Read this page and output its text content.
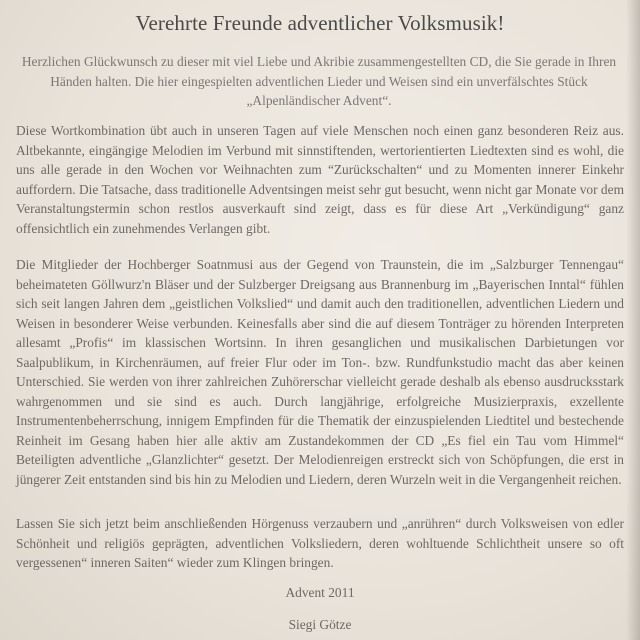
Verehrte Freunde adventlicher Volksmusik!
Herzlichen Glückwunsch zu dieser mit viel Liebe und Akribie zusammengestellten CD, die Sie gerade in Ihren Händen halten. Die hier eingespielten adventlichen Lieder und Weisen sind ein unverfälschtes Stück „Alpenländischer Advent“.
Diese Wortkombination übt auch in unseren Tagen auf viele Menschen noch einen ganz besonderen Reiz aus. Altbekannte, eingängige Melodien im Verbund mit sinnstiftenden, wertorientierten Liedtexten sind es wohl, die uns alle gerade in den Wochen vor Weihnachten zum “Zurückschalten“ und zu Momenten innerer Einkehr auffordern. Die Tatsache, dass traditionelle Adventsingen meist sehr gut besucht, wenn nicht gar Monate vor dem Veranstaltungstermin schon restlos ausverkauft sind zeigt, dass es für diese Art „Verkündigung“ ganz offensichtlich ein zunehmendes Verlangen gibt.
Die Mitglieder der Hochberger Soatnmusi aus der Gegend von Traunstein, die im „Salzburger Tennengau“ beheimateten Göllwurz'n Bläser und der Sulzberger Dreigsang aus Brannenburg im „Bayerischen Inntal“ fühlen sich seit langen Jahren dem „geistlichen Volkslied“ und damit auch den traditionellen, adventlichen Liedern und Weisen in besonderer Weise verbunden. Keinesfalls aber sind die auf diesem Tonträger zu hörenden Interpreten allesamt „Profis“ im klassischen Wortsinn. In ihren gesanglichen und musikalischen Darbietungen vor Saalpublikum, in Kirchenräumen, auf freier Flur oder im Ton-. bzw. Rundfunkstudio macht das aber keinen Unterschied. Sie werden von ihrer zahlreichen Zuhörerschar vielleicht gerade deshalb als ebenso ausdrucksstark wahrgenommen und sie sind es auch. Durch langjährige, erfolgreiche Musizierpraxis, exzellente Instrumentenbeherrschung, innigem Empfinden für die Thematik der einzuspielenden Liedtitel und bestechende Reinheit im Gesang haben hier alle aktiv am Zustandekommen der CD „Es fiel ein Tau vom Himmel“ Beteiligten adventliche „Glanzlichter“ gesetzt. Der Melodienreigen erstreckt sich von Schöpfungen, die erst in jüngerer Zeit entstanden sind bis hin zu Melodien und Liedern, deren Wurzeln weit in die Vergangenheit reichen.
Lassen Sie sich jetzt beim anschließenden Hörgenuss verzaubern und „anrühren“ durch Volksweisen von edler Schönheit und religiös geprägten, adventlichen Volksliedern, deren wohltuende Schlichtheit unsere so oft vergessenen“ inneren Saiten“ wieder zum Klingen bringen.
Advent 2011
Siegi Götze
